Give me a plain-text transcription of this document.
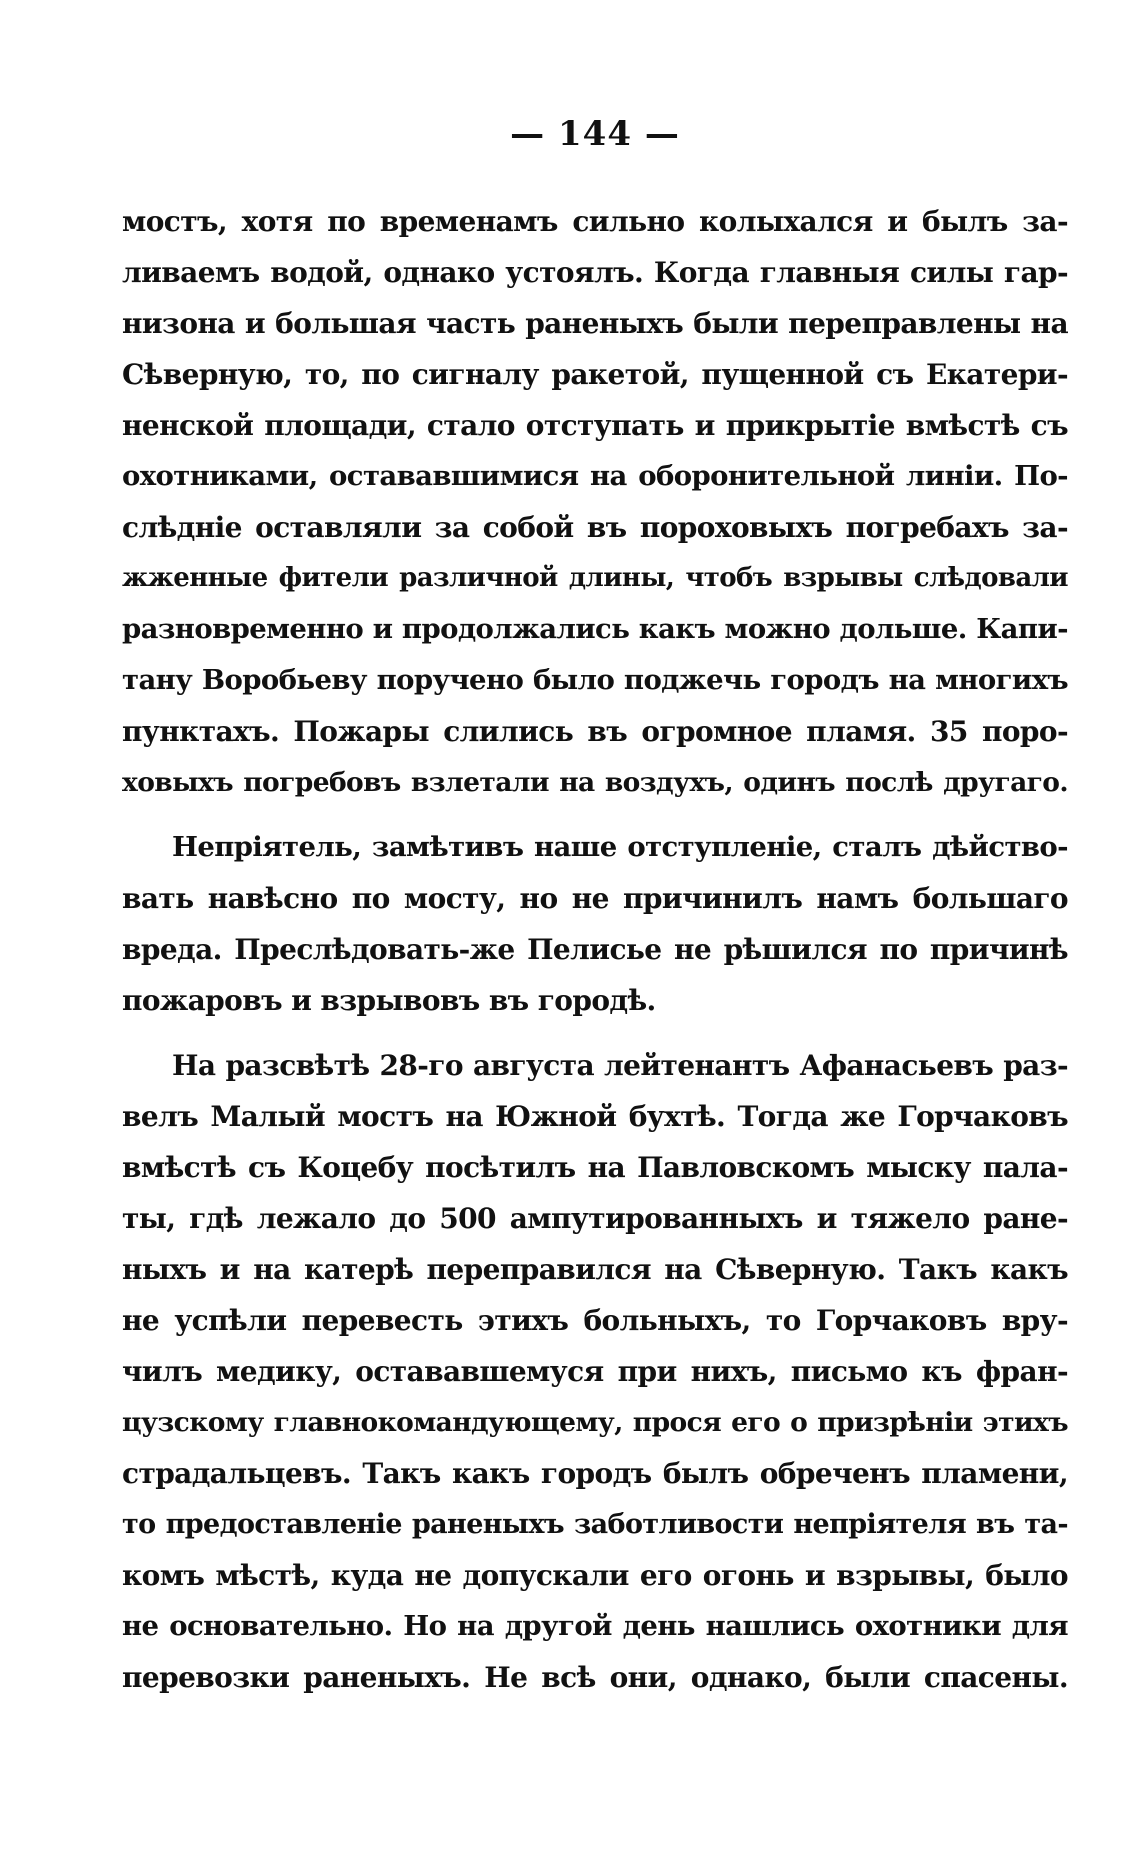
— 144 —
мостъ, хотя по временамъ сильно колыхался и былъ за-
ливаемъ водой, однако устоялъ. Когда главныя силы гар-
низона и большая часть раненыхъ были переправлены на
Сѣверную, то, по сигналу ракетой, пущенной съ Екатери-
ненской площади, стало отступать и прикрытіе вмѣстѣ съ
охотниками, остававшимися на оборонительной линіи. По-
слѣдніе оставляли за собой въ пороховыхъ погребахъ за-
жженные фители различной длины, чтобъ взрывы слѣдовали
разновременно и продолжались какъ можно дольше. Капи-
тану Воробьеву поручено было поджечь городъ на многихъ
пунктахъ. Пожары слились въ огромное пламя. 35 поро-
ховыхъ погребовъ взлетали на воздухъ, одинъ послѣ другаго.
Непріятель, замѣтивъ наше отступленіе, сталъ дѣйство-
вать навѣсно по мосту, но не причинилъ намъ большаго
вреда. Преслѣдовать-же Пелисье не рѣшился по причинѣ
пожаровъ и взрывовъ въ городѣ.
На разсвѣтѣ 28-го августа лейтенантъ Афанасьевъ раз-
велъ Малый мостъ на Южной бухтѣ. Тогда же Горчаковъ
вмѣстѣ съ Коцебу посѣтилъ на Павловскомъ мыску пала-
ты, гдѣ лежало до 500 ампутированныхъ и тяжело ране-
ныхъ и на катерѣ переправился на Сѣверную. Такъ какъ
не успѣли перевесть этихъ больныхъ, то Горчаковъ вру-
чилъ медику, остававшемуся при нихъ, письмо къ фран-
цузскому главнокомандующему, прося его о призрѣніи этихъ
страдальцевъ. Такъ какъ городъ былъ обреченъ пламени,
то предоставленіе раненыхъ заботливости непріятеля въ та-
комъ мѣстѣ, куда не допускали его огонь и взрывы, было
не основательно. Но на другой день нашлись охотники для
перевозки раненыхъ. Не всѣ они, однако, были спасены.
